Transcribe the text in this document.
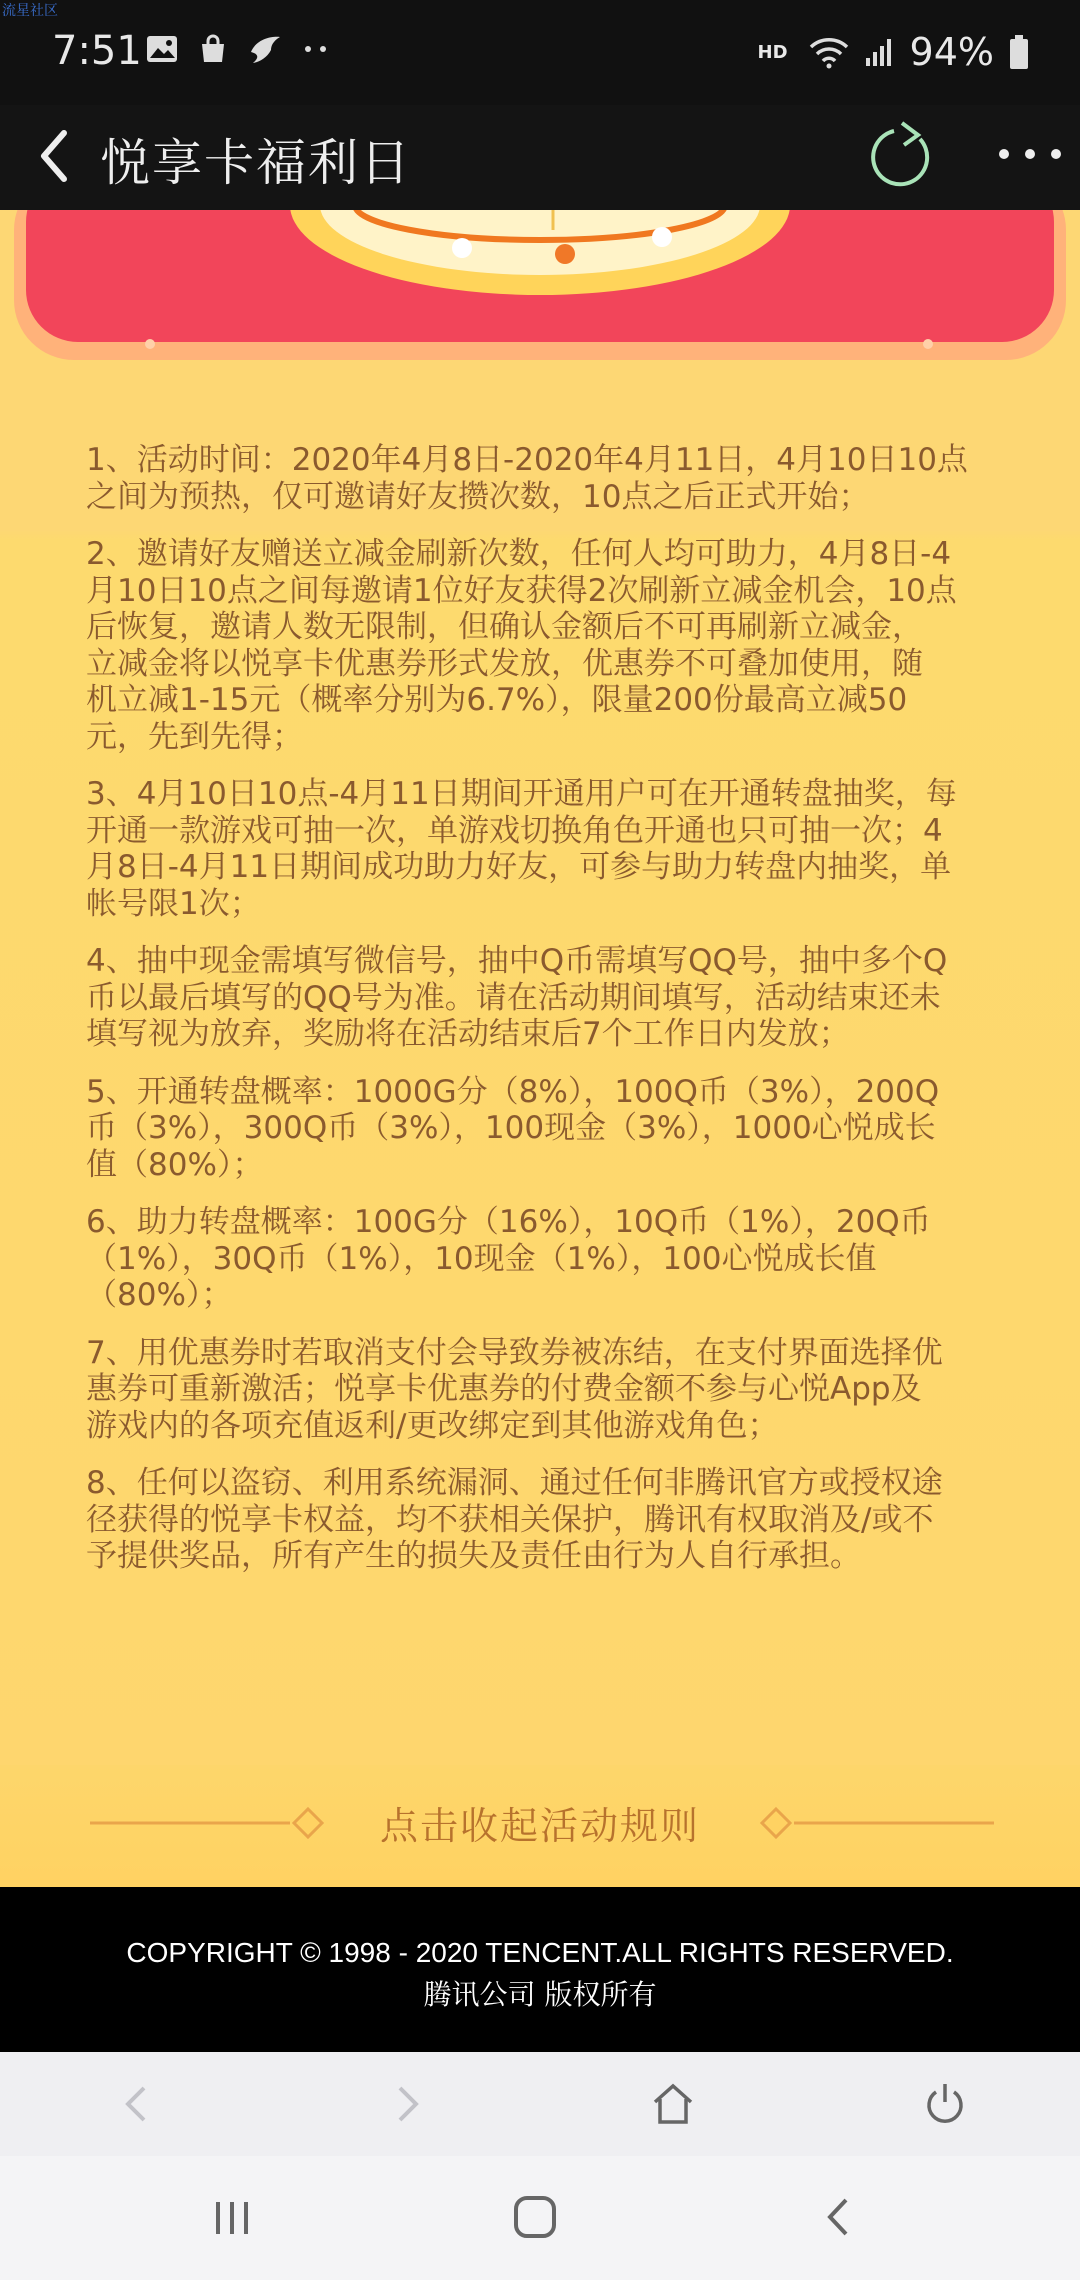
流星社区
7:51	HD	94%
悦享卡福利日

1、活动时间：2020年4月8日-2020年4月11日，4月10日10点
之间为预热，仅可邀请好友攒次数，10点之后正式开始；

2、邀请好友赠送立减金刷新次数，任何人均可助力，4月8日-4
月10日10点之间每邀请1位好友获得2次刷新立减金机会，10点
后恢复，邀请人数无限制，但确认金额后不可再刷新立减金，
立减金将以悦享卡优惠券形式发放，优惠券不可叠加使用，随
机立减1-15元（概率分别为6.7%），限量200份最高立减50
元，先到先得；

3、4月10日10点-4月11日期间开通用户可在开通转盘抽奖，每
开通一款游戏可抽一次，单游戏切换角色开通也只可抽一次；4
月8日-4月11日期间成功助力好友，可参与助力转盘内抽奖，单
帐号限1次；

4、抽中现金需填写微信号，抽中Q币需填写QQ号，抽中多个Q
币以最后填写的QQ号为准。请在活动期间填写，活动结束还未
填写视为放弃，奖励将在活动结束后7个工作日内发放；

5、开通转盘概率：1000G分（8%），100Q币（3%），200Q
币（3%），300Q币（3%），100现金（3%），1000心悦成长
值（80%）；

6、助力转盘概率：100G分（16%），10Q币（1%），20Q币
（1%），30Q币（1%），10现金（1%），100心悦成长值
（80%）；

7、用优惠券时若取消支付会导致券被冻结，在支付界面选择优
惠券可重新激活；悦享卡优惠券的付费金额不参与心悦App及
游戏内的各项充值返利/更改绑定到其他游戏角色；

8、任何以盗窃、利用系统漏洞、通过任何非腾讯官方或授权途
径获得的悦享卡权益，均不获相关保护，腾讯有权取消及/或不
予提供奖品，所有产生的损失及责任由行为人自行承担。

点击收起活动规则
COPYRIGHT © 1998 - 2020 TENCENT.ALL RIGHTS RESERVED.
腾讯公司 版权所有
